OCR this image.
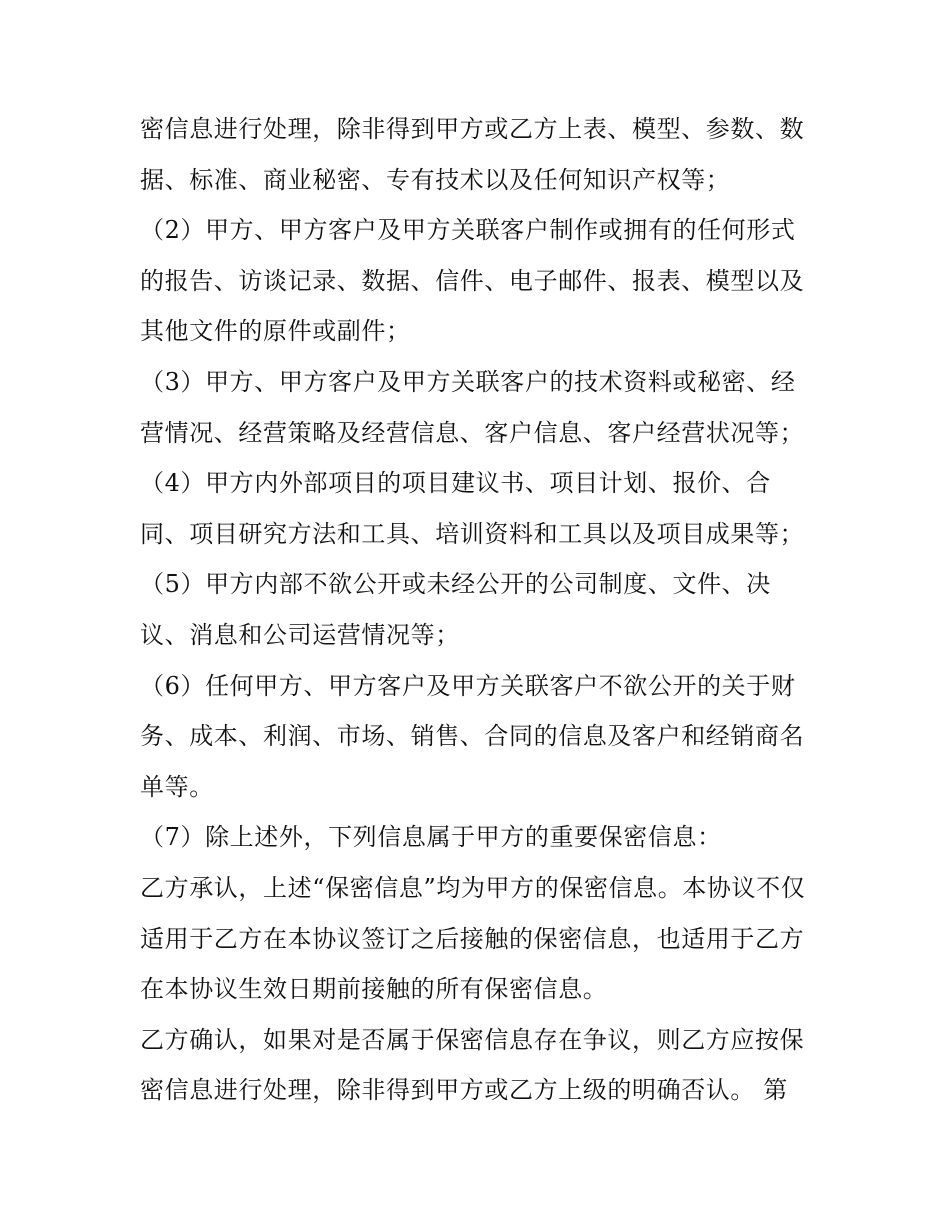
密信息进行处理，除非得到甲方或乙方上表、模型、参数、数
据、标准、商业秘密、专有技术以及任何知识产权等；
（2）甲方、甲方客户及甲方关联客户制作或拥有的任何形式
的报告、访谈记录、数据、信件、电子邮件、报表、模型以及
其他文件的原件或副件；
（3）甲方、甲方客户及甲方关联客户的技术资料或秘密、经
营情况、经营策略及经营信息、客户信息、客户经营状况等；
（4）甲方内外部项目的项目建议书、项目计划、报价、合
同、项目研究方法和工具、培训资料和工具以及项目成果等；
（5）甲方内部不欲公开或未经公开的公司制度、文件、决
议、消息和公司运营情况等；
（6）任何甲方、甲方客户及甲方关联客户不欲公开的关于财
务、成本、利润、市场、销售、合同的信息及客户和经销商名
单等。
（7）除上述外，下列信息属于甲方的重要保密信息：
乙方承认，上述“保密信息”均为甲方的保密信息。本协议不仅
适用于乙方在本协议签订之后接触的保密信息，也适用于乙方
在本协议生效日期前接触的所有保密信息。
乙方确认，如果对是否属于保密信息存在争议，则乙方应按保
密信息进行处理，除非得到甲方或乙方上级的明确否认。 第
